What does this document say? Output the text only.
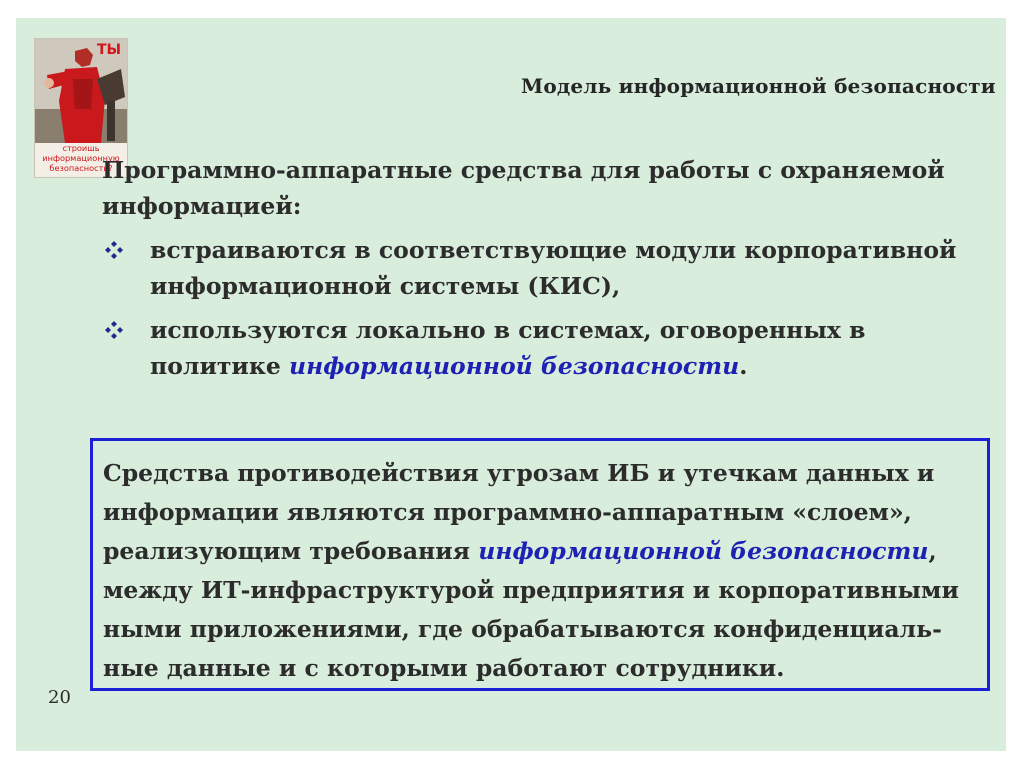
ТЫ
строишь
информационную
безопасность?
Модель информационной безопасности

Программно-аппаратные средства для работы с охраняемой информацией:

встраиваются в соответствующие модули корпоративной информационной системы (КИС),

используются локально в системах, оговоренных в политике информационной безопасности.

Средства противодействия угрозам ИБ и утечкам данных и информации являются программно-аппаратным «слоем», реализующим требования информационной безопасности, между ИТ-инфраструктурой предприятия и корпоративными ными приложениями, где обрабатываются конфиденциаль-ные данные и с которыми работают сотрудники.

20
